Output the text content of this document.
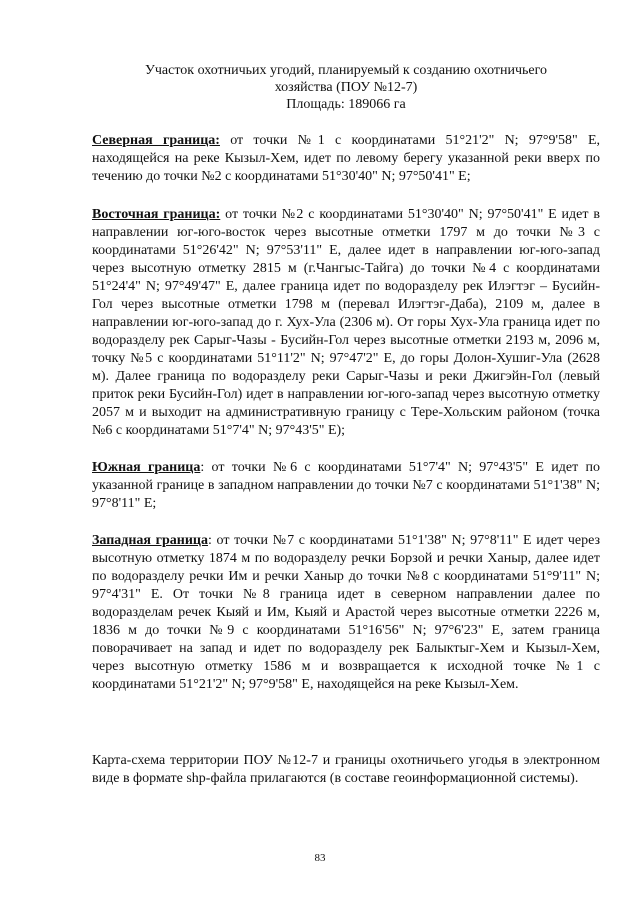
Участок охотничьих угодий, планируемый к созданию охотничьего
хозяйства (ПОУ №12-7)
Площадь: 189066 га

Северная граница: от точки №1 с координатами 51°21'2" N; 97°9'58" Е, находящейся на реке Кызыл-Хем, идет по левому берегу указанной реки вверх по течению до точки №2 с координатами 51°30'40" N; 97°50'41" Е;

Восточная граница: от точки №2 с координатами 51°30'40" N; 97°50'41" Е идет в направлении юг-юго-восток через высотные отметки 1797 м до точки №3 с координатами 51°26'42" N; 97°53'11" Е, далее идет в направлении юг-юго-запад через высотную отметку 2815 м (г.Чангыс-Тайга) до точки №4 с координатами 51°24'4" N; 97°49'47" Е, далее граница идет по водоразделу рек Илэгтэг – Бусийн-Гол через высотные отметки 1798 м (перевал Илэгтэг-Даба), 2109 м, далее в направлении юг-юго-запад до г. Хух-Ула (2306 м). От горы Хух-Ула граница идет по водоразделу рек Сарыг-Чазы - Бусийн-Гол через высотные отметки 2193 м, 2096 м, точку №5 с координатами 51°11'2" N; 97°47'2" Е, до горы Долон-Хушиг-Ула (2628 м). Далее граница по водоразделу реки Сарыг-Чазы и реки Джигэйн-Гол (левый приток реки Бусийн-Гол) идет в направлении юг-юго-запад через высотную отметку 2057 м и выходит на административную границу с Тере-Хольским районом (точка №6 с координатами 51°7'4" N; 97°43'5" Е);

Южная граница: от точки №6 с координатами 51°7'4" N; 97°43'5" Е идет по указанной границе в западном направлении до точки №7 с координатами 51°1'38" N; 97°8'11" Е;

Западная граница: от точки №7 с координатами 51°1'38" N; 97°8'11" Е идет через высотную отметку 1874 м по водоразделу речки Борзой и речки Ханыр, далее идет по водоразделу речки Им и речки Ханыр до точки №8 с координатами 51°9'11" N; 97°4'31" Е. От точки №8 граница идет в северном направлении далее по водоразделам речек Кыяй и Им, Кыяй и Арастой через высотные отметки 2226 м, 1836 м до точки №9 с координатами 51°16'56" N; 97°6'23" Е, затем граница поворачивает на запад и идет по водоразделу рек Балыктыг-Хем и Кызыл-Хем, через высотную отметку 1586 м и возвращается к исходной точке №1 с координатами 51°21'2" N; 97°9'58" Е, находящейся на реке Кызыл-Хем.

Карта-схема территории ПОУ №12-7 и границы охотничьего угодья в электронном виде в формате shp-файла прилагаются (в составе геоинформационной системы).

83
